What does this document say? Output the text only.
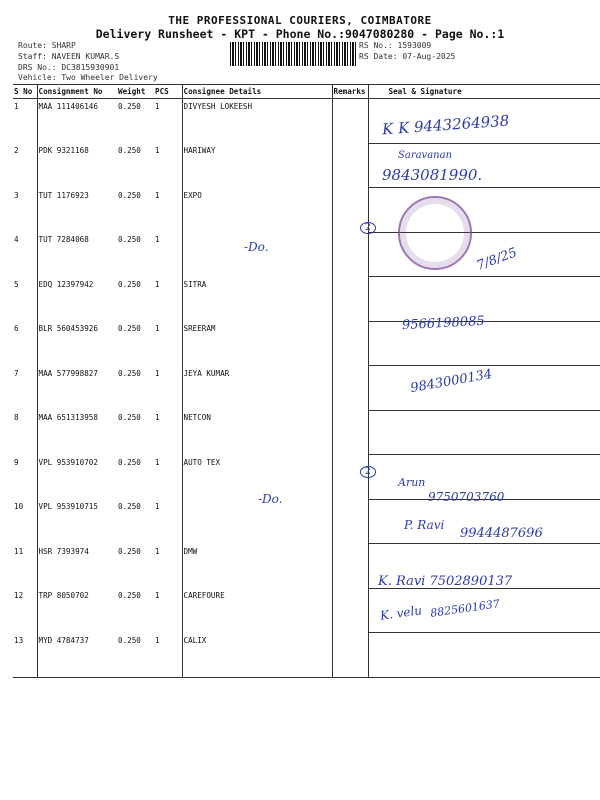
THE PROFESSIONAL COURIERS, COIMBATORE
Delivery Runsheet - KPT - Phone No.:9047080280 - Page No.:1
Route: SHARP
Staff: NAVEEN KUMAR.S
DRS No.: DC3815930901
Vehicle: Two Wheeler Delivery
RS No.: 1593009
RS Date: 07-Aug-2025
S No	Consignment No	Weight	PCS	Consignee Details	Remarks	Seal & Signature
1	MAA 111406146	0.250	1	DIVYESH LOKEESH		
2	PDK 9321168	0.250	1	HARIWAY		
3	TUT 1176923	0.250	1	EXPO		
4	TUT 7284068	0.250	1			
5	EDQ 12397942	0.250	1	SITRA		
6	BLR 560453926	0.250	1	SREERAM		
7	MAA 577998827	0.250	1	JEYA KUMAR		
8	MAA 651313958	0.250	1	NETCON		
9	VPL 953910702	0.250	1	AUTO TEX		
10	VPL 953910715	0.250	1			
11	HSR 7393974	0.250	1	DMW		
12	TRP 8050702	0.250	1	CAREFOURE		
13	MYD 4784737	0.250	1	CALIX		
K K 9443264938
Saravanan
9843081990.
7/8/25
2
-Do.
9566198085
9843000134
2
-Do.
Arun
9750703760
P. Ravi
9944487696
K. Ravi 7502890137
K. velu 8825601637
